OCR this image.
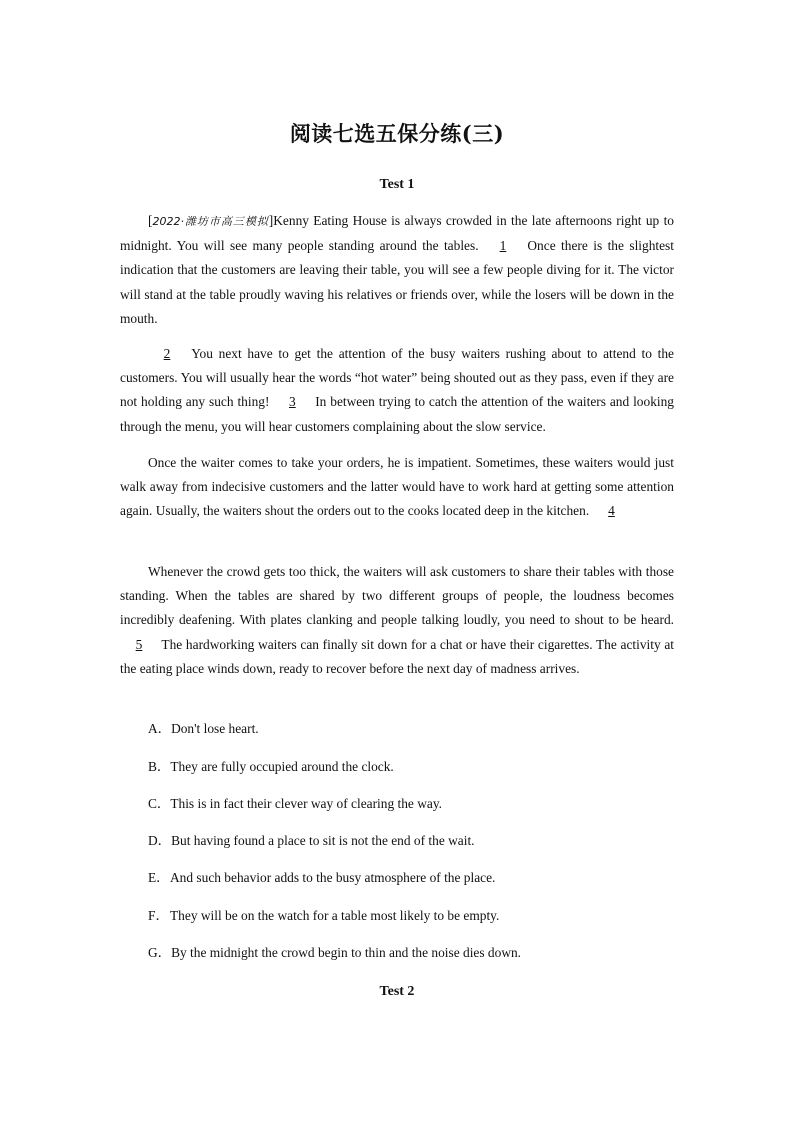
阅读七选五保分练(三)
Test 1

[2022·潍坊市高三模拟]Kenny Eating House is always crowded in the late afternoons right up to midnight. You will see many people standing around the tables. 1 Once there is the slightest indication that the customers are leaving their table, you will see a few people diving for it. The victor will stand at the table proudly waving his relatives or friends over, while the losers will be down in the mouth.

2 You next have to get the attention of the busy waiters rushing about to attend to the customers. You will usually hear the words “hot water” being shouted out as they pass, even if they are not holding any such thing! 3 In between trying to catch the attention of the waiters and looking through the menu, you will hear customers complaining about the slow service.

Once the waiter comes to take your orders, he is impatient. Sometimes, these waiters would just walk away from indecisive customers and the latter would have to work hard at getting some attention again. Usually, the waiters shout the orders out to the cooks located deep in the kitchen. 4

Whenever the crowd gets too thick, the waiters will ask customers to share their tables with those standing. When the tables are shared by two different groups of people, the loudness becomes incredibly deafening. With plates clanking and people talking loudly, you need to shout to be heard. 5 The hardworking waiters can finally sit down for a chat or have their cigarettes. The activity at the eating place winds down, ready to recover before the next day of madness arrives.

A．Don't lose heart.

B．They are fully occupied around the clock.

C．This is in fact their clever way of clearing the way.

D．But having found a place to sit is not the end of the wait.

E．And such behavior adds to the busy atmosphere of the place.

F．They will be on the watch for a table most likely to be empty.

G．By the midnight the crowd begin to thin and the noise dies down.

Test 2
